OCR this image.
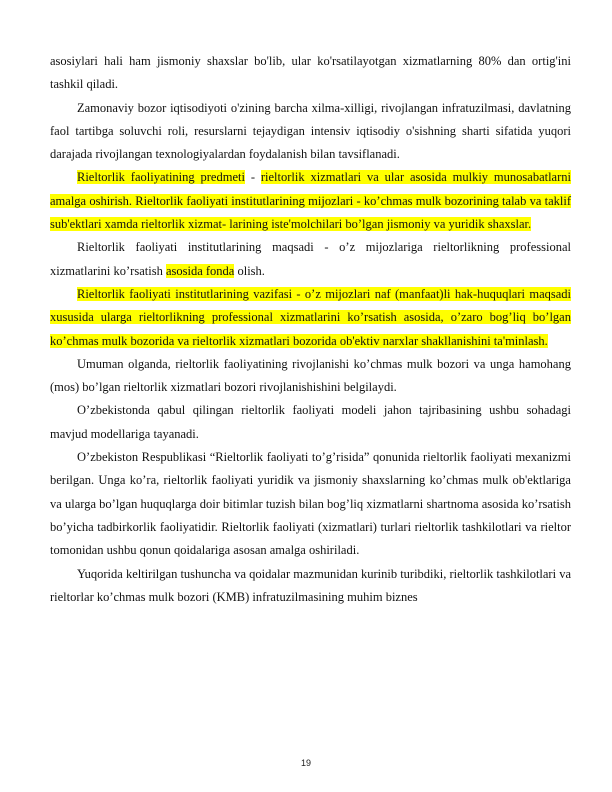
asosiylari hali ham jismoniy shaxslar bo'lib, ular ko'rsatilayotgan xizmatlarning 80% dan ortig'ini tashkil qiladi.

Zamonaviy bozor iqtisodiyoti o'zining barcha xilma-xilligi, rivojlangan infratuzilmasi, davlatning faol tartibga soluvchi roli, resurslarni tejaydigan intensiv iqtisodiy o'sishning sharti sifatida yuqori darajada rivojlangan texnologiyalardan foydalanish bilan tavsiflanadi.

Rieltorlik faoliyatining predmeti - rieltorlik xizmatlari va ular asosida mulkiy munosabatlarni amalga oshirish. Rieltorlik faoliyati institutlarining mijozlari - ko’chmas mulk bozorining talab va taklif sub'ektlari xamda rieltorlik xizmat- larining iste'molchilari bo’lgan jismoniy va yuridik shaxslar.

Rieltorlik faoliyati institutlarining maqsadi - o’z mijozlariga rieltorlikning professional xizmatlarini ko’rsatish asosida fonda olish.

Rieltorlik faoliyati institutlarining vazifasi - o’z mijozlari naf (manfaat)li hak-huquqlari maqsadi xususida ularga rieltorlikning professional xizmatlarini ko’rsatish asosida, o’zaro bog’liq bo’lgan ko’chmas mulk bozorida va rieltorlik xizmatlari bozorida ob'ektiv narxlar shakllanishini ta'minlash.

Umuman olganda, rieltorlik faoliyatining rivojlanishi ko’chmas mulk bozori va unga hamohang (mos) bo’lgan rieltorlik xizmatlari bozori rivojlanishishini belgilaydi.

O’zbekistonda qabul qilingan rieltorlik faoliyati modeli jahon tajribasining ushbu sohadagi mavjud modellariga tayanadi.

O’zbekiston Respublikasi “Rieltorlik faoliyati to’g’risida” qonunida rieltorlik faoliyati mexanizmi berilgan. Unga ko’ra, rieltorlik faoliyati yuridik va jismoniy shaxslarning ko’chmas mulk ob'ektlariga va ularga bo’lgan huquqlarga doir bitimlar tuzish bilan bog’liq xizmatlarni shartnoma asosida ko’rsatish bo’yicha tadbirkorlik faoliyatidir. Rieltorlik faoliyati (xizmatlari) turlari rieltorlik tashkilotlari va rieltor tomonidan ushbu qonun qoidalariga asosan amalga oshiriladi.

Yuqorida keltirilgan tushuncha va qoidalar mazmunidan kurinib turibdiki, rieltorlik tashkilotlari va rieltorlar ko’chmas mulk bozori (KMB) infratuzilmasining muhim biznes

19
